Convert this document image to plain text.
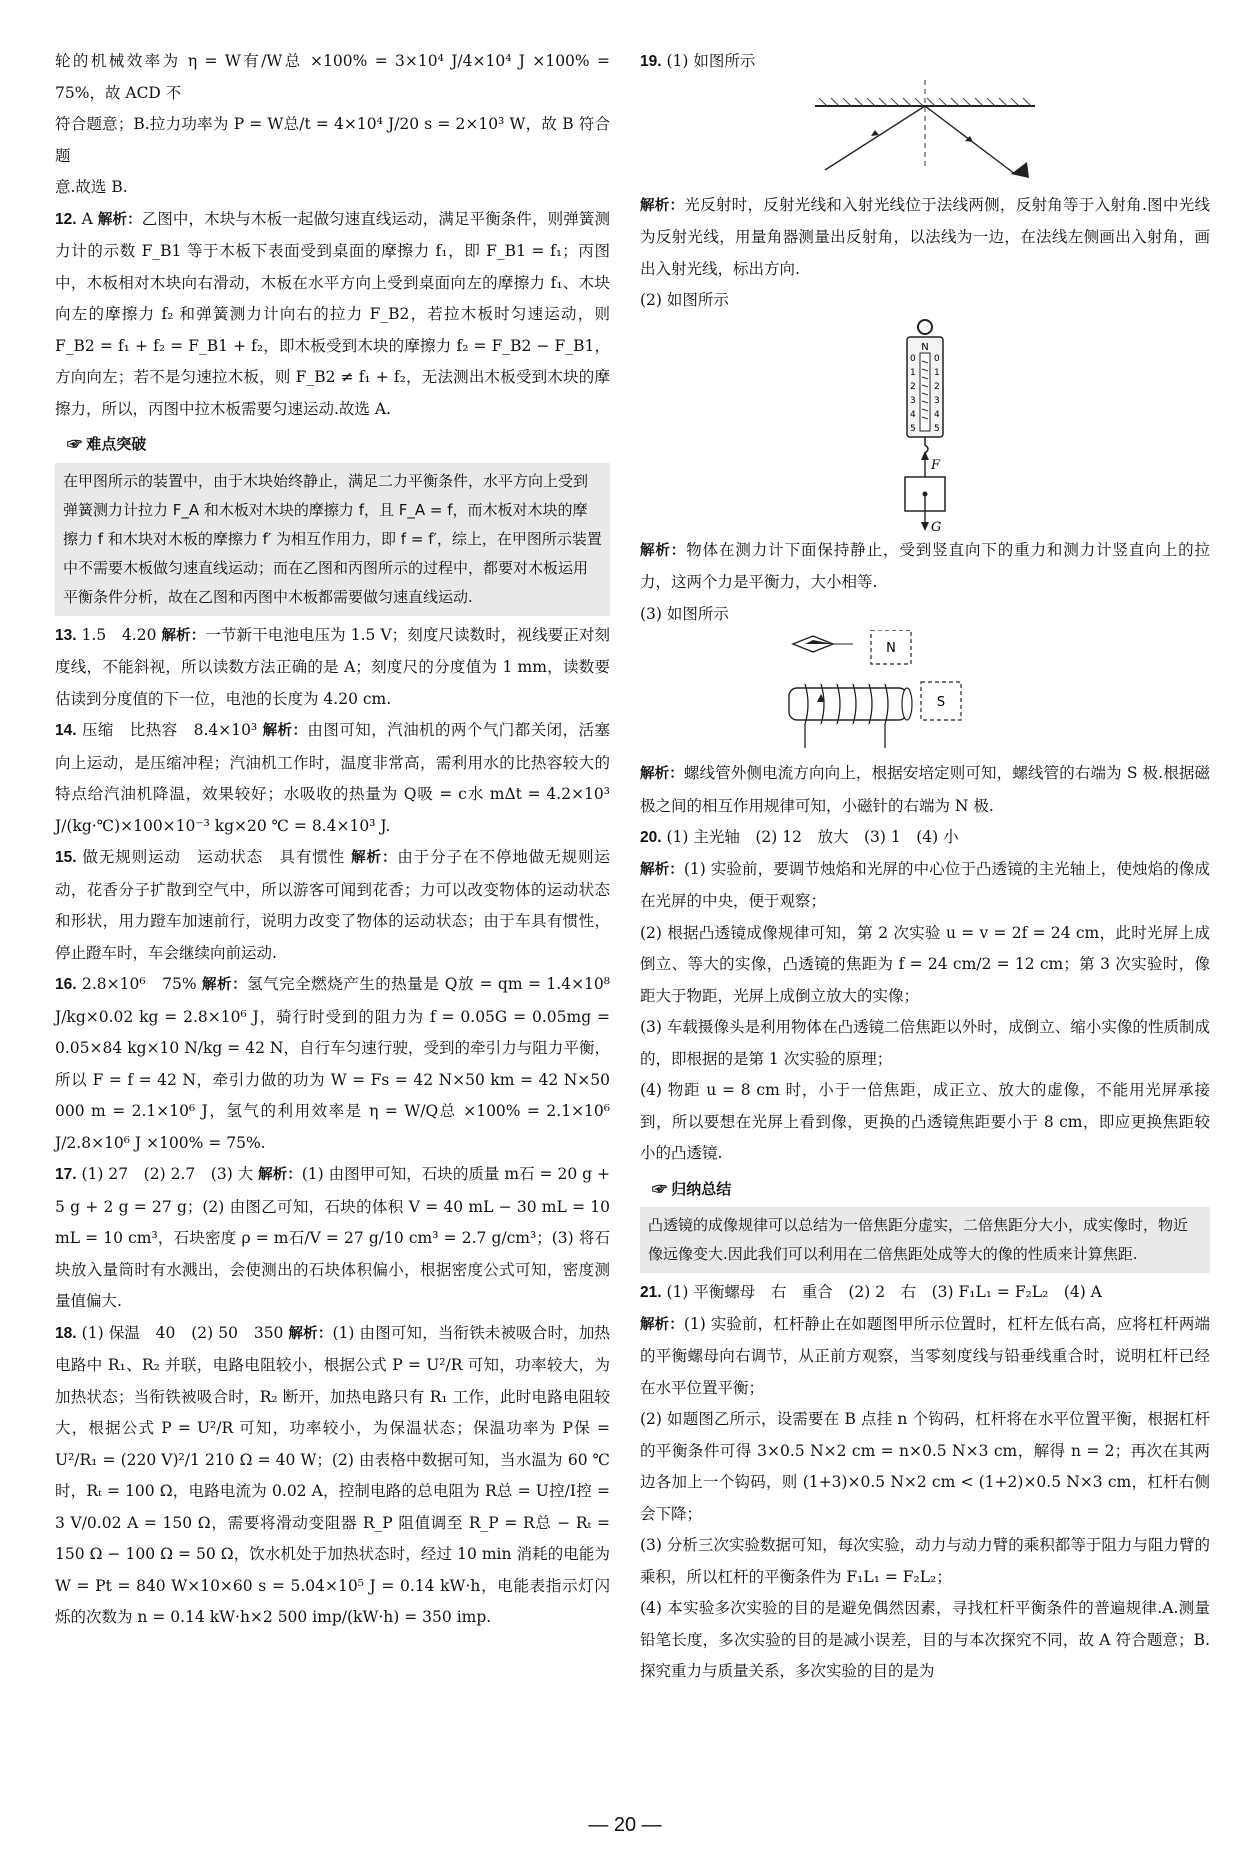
轮的机械效率为 η = W有/W总 ×100% = 3×10⁴ J/4×10⁴ J ×100% = 75%，故 ACD 不

符合题意；B.拉力功率为 P = W总/t = 4×10⁴ J/20 s = 2×10³ W，故 B 符合题

意.故选 B.

12. A 解析：乙图中，木块与木板一起做匀速直线运动，满足平衡条件，则弹簧测力计的示数 F_B1 等于木板下表面受到桌面的摩擦力 f₁，即 F_B1 = f₁；丙图中，木板相对木块向右滑动，木板在水平方向上受到桌面向左的摩擦力 f₁、木块向左的摩擦力 f₂ 和弹簧测力计向右的拉力 F_B2，若拉木板时匀速运动，则 F_B2 = f₁ + f₂ = F_B1 + f₂，即木板受到木块的摩擦力 f₂ = F_B2 − F_B1，方向向左；若不是匀速拉木板，则 F_B2 ≠ f₁ + f₂，无法测出木板受到木块的摩擦力，所以，丙图中拉木板需要匀速运动.故选 A.

☞ 难点突破
在甲图所示的装置中，由于木块始终静止，满足二力平衡条件，水平方向上受到弹簧测力计拉力 F_A 和木板对木块的摩擦力 f，且 F_A = f，而木板对木块的摩擦力 f 和木块对木板的摩擦力 f′ 为相互作用力，即 f = f′，综上，在甲图所示装置中不需要木板做匀速直线运动；而在乙图和丙图所示的过程中，都要对木板运用平衡条件分析，故在乙图和丙图中木板都需要做匀速直线运动.

13. 1.5　4.20 解析：一节新干电池电压为 1.5 V；刻度尺读数时，视线要正对刻度线，不能斜视，所以读数方法正确的是 A；刻度尺的分度值为 1 mm，读数要估读到分度值的下一位，电池的长度为 4.20 cm.

14. 压缩　比热容　8.4×10³ 解析：由图可知，汽油机的两个气门都关闭，活塞向上运动，是压缩冲程；汽油机工作时，温度非常高，需利用水的比热容较大的特点给汽油机降温，效果较好；水吸收的热量为 Q吸 = c水 mΔt = 4.2×10³ J/(kg·℃)×100×10⁻³ kg×20 ℃ = 8.4×10³ J.

15. 做无规则运动　运动状态　具有惯性 解析：由于分子在不停地做无规则运动，花香分子扩散到空气中，所以游客可闻到花香；力可以改变物体的运动状态和形状，用力蹬车加速前行，说明力改变了物体的运动状态；由于车具有惯性，停止蹬车时，车会继续向前运动.

16. 2.8×10⁶　75% 解析：氢气完全燃烧产生的热量是 Q放 = qm = 1.4×10⁸ J/kg×0.02 kg = 2.8×10⁶ J，骑行时受到的阻力为 f = 0.05G = 0.05mg = 0.05×84 kg×10 N/kg = 42 N，自行车匀速行驶，受到的牵引力与阻力平衡，所以 F = f = 42 N，牵引力做的功为 W = Fs = 42 N×50 km = 42 N×50 000 m = 2.1×10⁶ J，氢气的利用效率是 η = W/Q总 ×100% = 2.1×10⁶ J/2.8×10⁶ J ×100% = 75%.

17. (1) 27　(2) 2.7　(3) 大 解析：(1) 由图甲可知，石块的质量 m石 = 20 g + 5 g + 2 g = 27 g；(2) 由图乙可知，石块的体积 V = 40 mL − 30 mL = 10 mL = 10 cm³，石块密度 ρ = m石/V = 27 g/10 cm³ = 2.7 g/cm³；(3) 将石块放入量筒时有水溅出，会使测出的石块体积偏小，根据密度公式可知，密度测量值偏大.

18. (1) 保温　40　(2) 50　350 解析：(1) 由图可知，当衔铁未被吸合时，加热电路中 R₁、R₂ 并联，电路电阻较小，根据公式 P = U²/R 可知，功率较大，为加热状态；当衔铁被吸合时，R₂ 断开，加热电路只有 R₁ 工作，此时电路电阻较大，根据公式 P = U²/R 可知，功率较小，为保温状态；保温功率为 P保 = U²/R₁ = (220 V)²/1 210 Ω = 40 W；(2) 由表格中数据可知，当水温为 60 ℃时，Rₜ = 100 Ω，电路电流为 0.02 A，控制电路的总电阻为 R总 = U控/I控 = 3 V/0.02 A = 150 Ω，需要将滑动变阻器 R_P 阻值调至 R_P = R总 − Rₜ = 150 Ω − 100 Ω = 50 Ω，饮水机处于加热状态时，经过 10 min 消耗的电能为 W = Pt = 840 W×10×60 s = 5.04×10⁵ J = 0.14 kW·h，电能表指示灯闪烁的次数为 n = 0.14 kW·h×2 500 imp/(kW·h) = 350 imp.

19. (1) 如图所示

解析：光反射时，反射光线和入射光线位于法线两侧，反射角等于入射角.图中光线为反射光线，用量角器测量出反射角，以法线为一边，在法线左侧画出入射角，画出入射光线，标出方向.

(2) 如图所示

N
0
1
2
3
4
5
0
1
2
3
4
5
F
G

解析：物体在测力计下面保持静止，受到竖直向下的重力和测力计竖直向上的拉力，这两个力是平衡力，大小相等.

(3) 如图所示

N
S

解析：螺线管外侧电流方向向上，根据安培定则可知，螺线管的右端为 S 极.根据磁极之间的相互作用规律可知，小磁针的右端为 N 极.

20. (1) 主光轴　(2) 12　放大　(3) 1　(4) 小

解析：(1) 实验前，要调节烛焰和光屏的中心位于凸透镜的主光轴上，使烛焰的像成在光屏的中央，便于观察；

(2) 根据凸透镜成像规律可知，第 2 次实验 u = v = 2f = 24 cm，此时光屏上成倒立、等大的实像，凸透镜的焦距为 f = 24 cm/2 = 12 cm；第 3 次实验时，像距大于物距，光屏上成倒立放大的实像；

(3) 车载摄像头是利用物体在凸透镜二倍焦距以外时，成倒立、缩小实像的性质制成的，即根据的是第 1 次实验的原理；

(4) 物距 u = 8 cm 时，小于一倍焦距，成正立、放大的虚像，不能用光屏承接到，所以要想在光屏上看到像，更换的凸透镜焦距要小于 8 cm，即应更换焦距较小的凸透镜.

☞ 归纳总结
凸透镜的成像规律可以总结为一倍焦距分虚实，二倍焦距分大小，成实像时，物近像远像变大.因此我们可以利用在二倍焦距处成等大的像的性质来计算焦距.

21. (1) 平衡螺母　右　重合　(2) 2　右　(3) F₁L₁ = F₂L₂　(4) A

解析：(1) 实验前，杠杆静止在如题图甲所示位置时，杠杆左低右高，应将杠杆两端的平衡螺母向右调节，从正前方观察，当零刻度线与铅垂线重合时，说明杠杆已经在水平位置平衡；

(2) 如题图乙所示，设需要在 B 点挂 n 个钩码，杠杆将在水平位置平衡，根据杠杆的平衡条件可得 3×0.5 N×2 cm = n×0.5 N×3 cm，解得 n = 2；再次在其两边各加上一个钩码，则 (1+3)×0.5 N×2 cm < (1+2)×0.5 N×3 cm，杠杆右侧会下降；

(3) 分析三次实验数据可知，每次实验，动力与动力臂的乘积都等于阻力与阻力臂的乘积，所以杠杆的平衡条件为 F₁L₁ = F₂L₂；

(4) 本实验多次实验的目的是避免偶然因素，寻找杠杆平衡条件的普遍规律.A.测量铅笔长度，多次实验的目的是减小误差，目的与本次探究不同，故 A 符合题意；B.探究重力与质量关系，多次实验的目的是为

— 20 —
